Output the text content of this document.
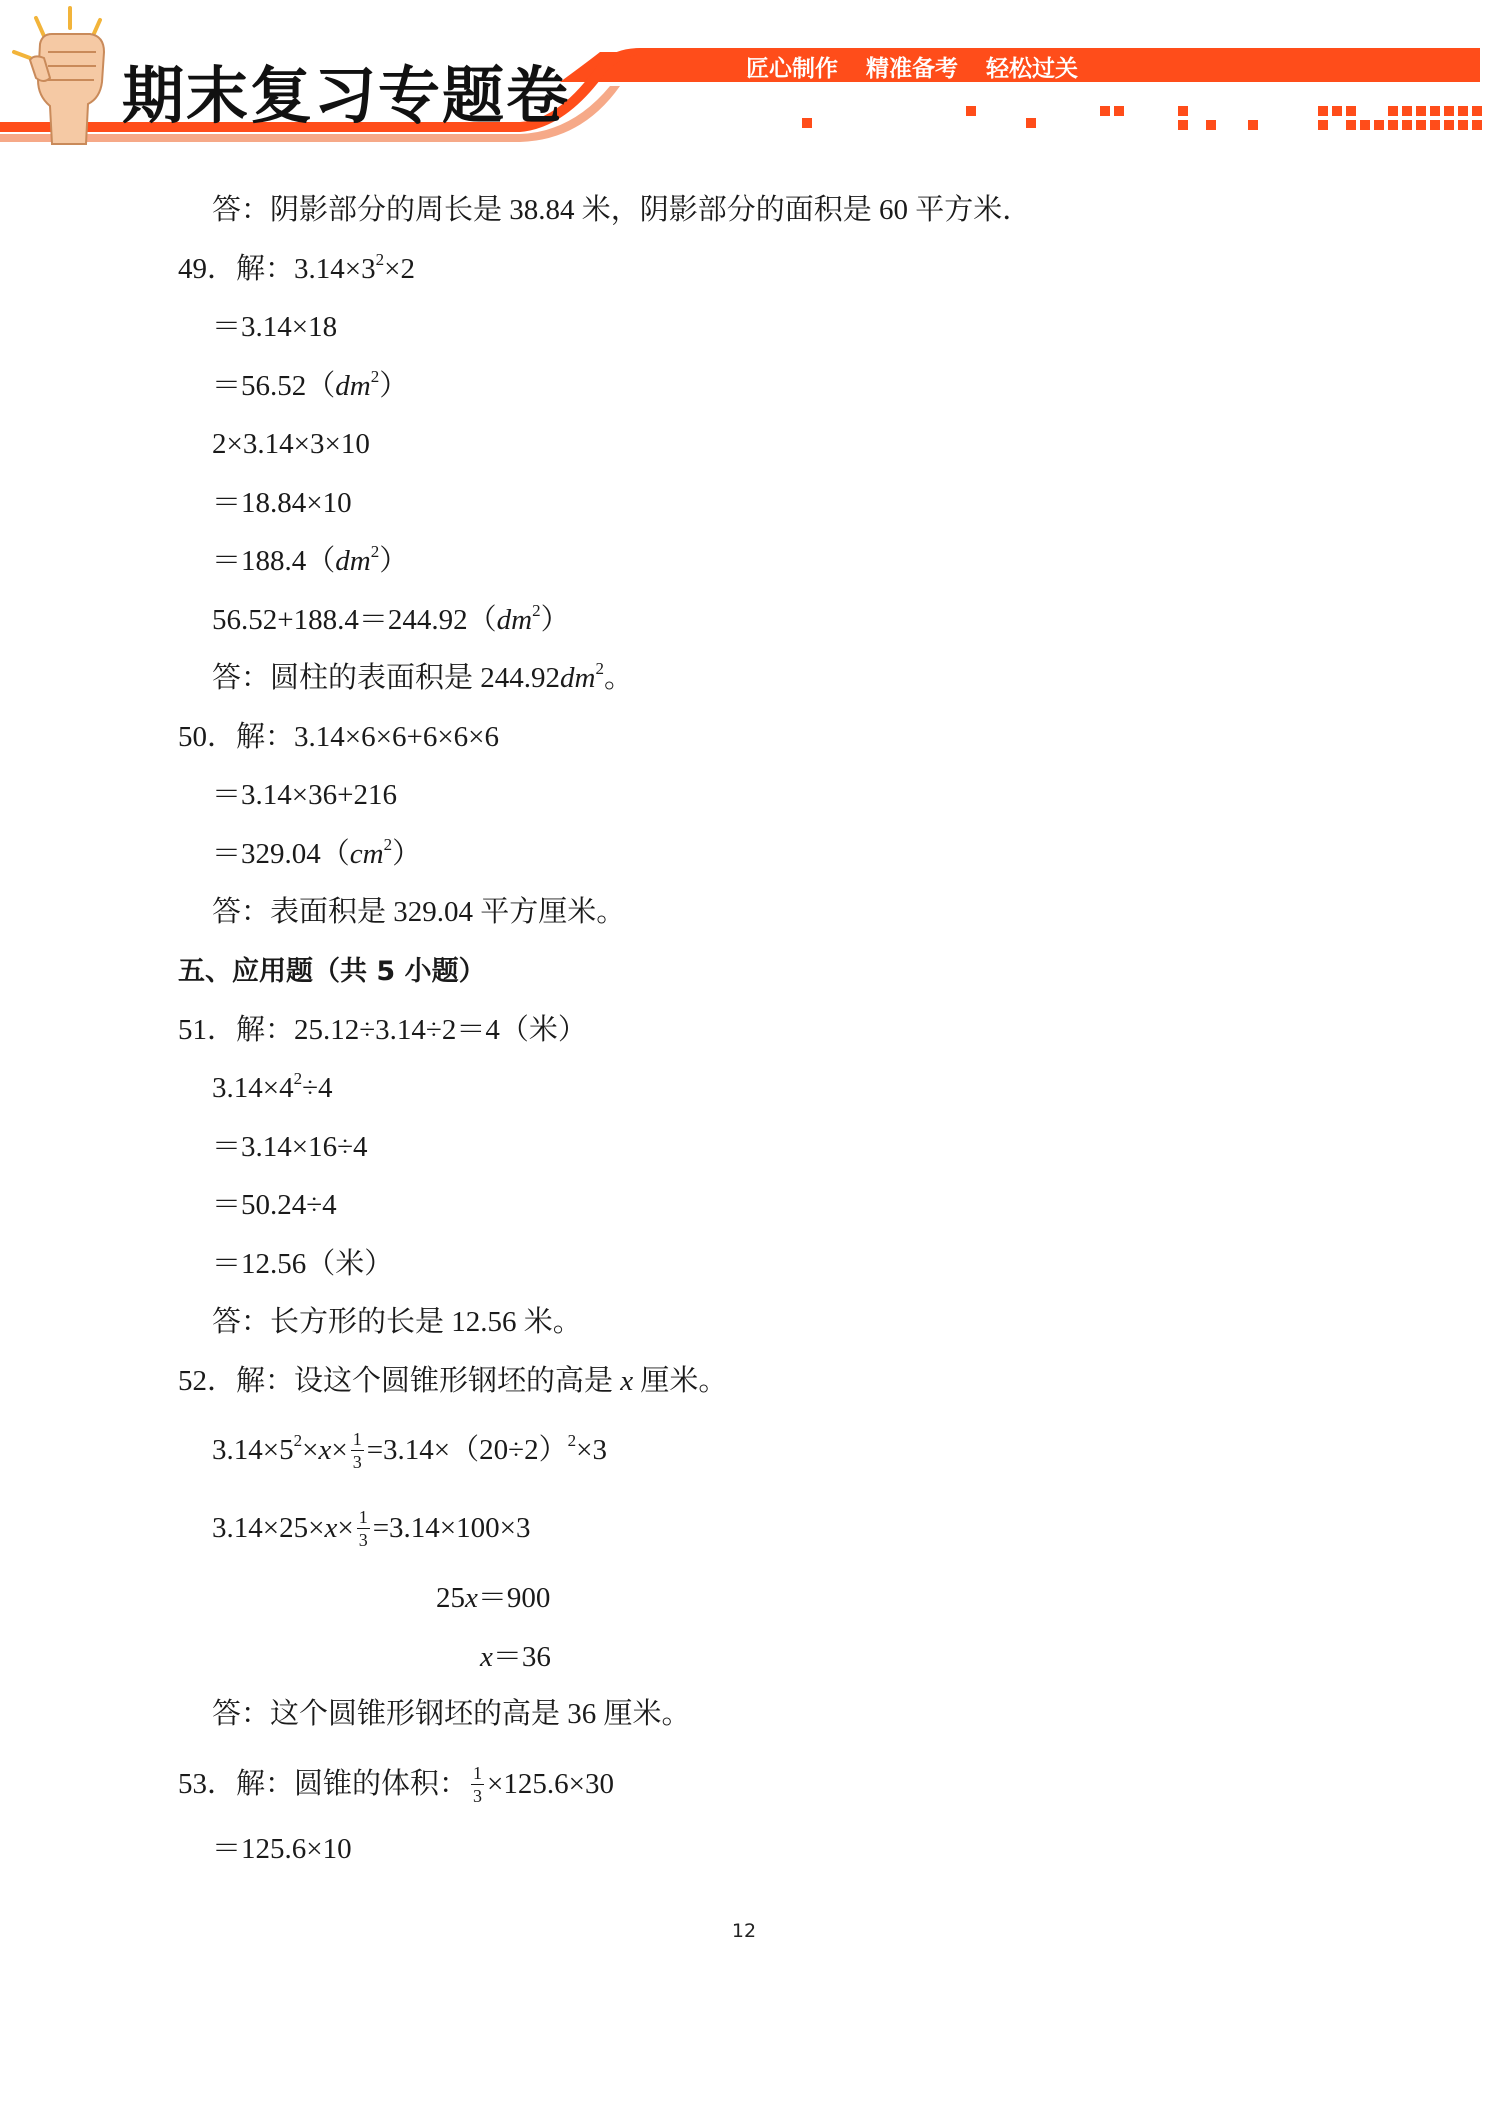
期末复习专题卷	匠心制作 精准备考 轻松过关
答：阴影部分的周长是 38.84 米，阴影部分的面积是 60 平方米．
49．解：$3.14\times 3^2\times 2$
＝3.14×18
$=56.52(dm^2)$
2×3.14×3×10
＝18.84×10
$=188.4(dm^2)$
$56.52+188.4=244.92(dm^2)$
答：圆柱的表面积是 $244.92dm^2$。
50．解：3.14×6×6+6×6×6
＝3.14×36+216
$=329.04(cm^2)$
答：表面积是 329.04 平方厘米。
五、应用题（共 5 小题）
51．解：25.12÷3.14÷2＝4（米）
$3.14\times 4^2\div 4$
＝3.14×16÷4
＝50.24÷4
＝12.56（米）
答：长方形的长是 12.56 米。
52．解：设这个圆锥形钢坯的高是 x 厘米。
$3.14\times 5^2\times x\times \frac{1}{3} =3.14\times(20\div 2)^2\times 3$
$3.14\times 25\times x\times \frac{1}{3} =3.14\times 100\times 3$
25x＝900
x＝36
答：这个圆锥形钢坯的高是 36 厘米。
53．解：圆锥的体积： $\frac{1}{3} \times 125.6\times 30$
＝125.6×10
12
